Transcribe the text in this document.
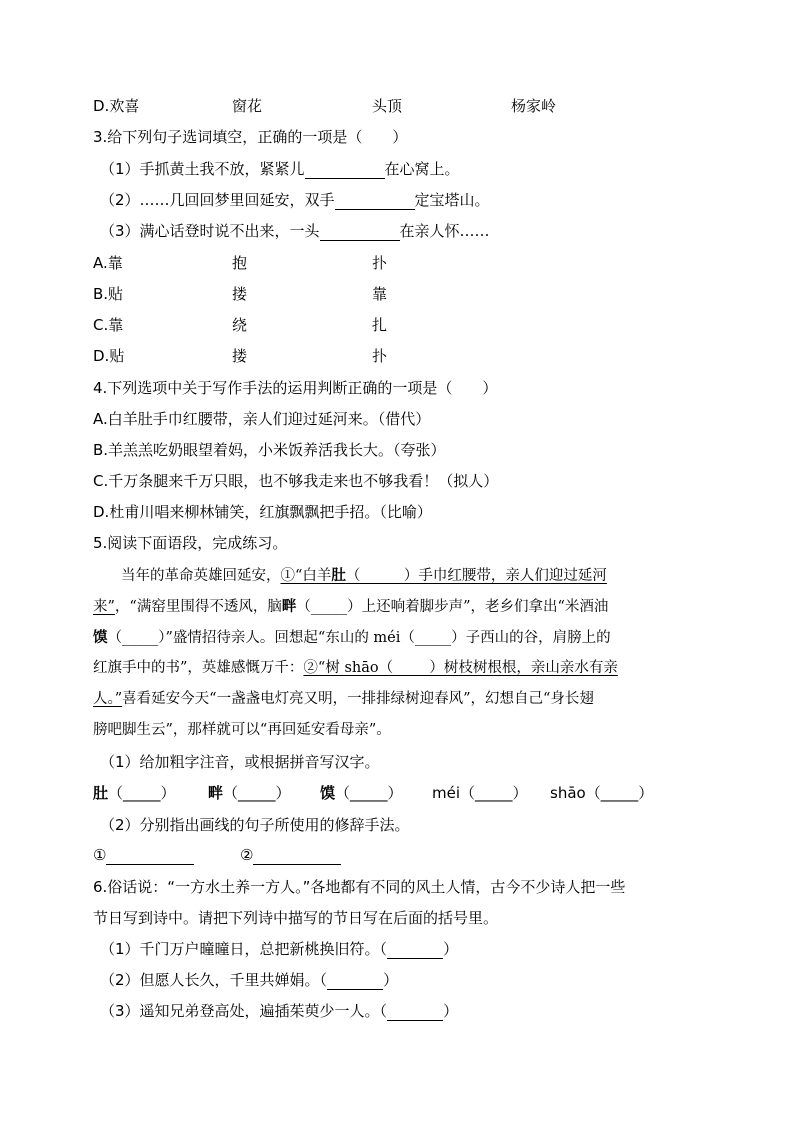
D.欢喜	窗花	头顶	杨家岭
3.给下列句子选词填空，正确的一项是（　　）
（1）手抓黄土我不放，紧紧儿	在心窝上。
（2）……几回回梦里回延安，双手	定宝塔山。
（3）满心话登时说不出来，一头	在亲人怀……
A.靠	抱	扑
B.贴	搂	靠
C.靠	绕	扎
D.贴	搂	扑
4.下列选项中关于写作手法的运用判断正确的一项是（　　）
A.白羊肚手巾红腰带，亲人们迎过延河来。（借代）
B.羊羔羔吃奶眼望着妈，小米饭养活我长大。（夸张）
C.千万条腿来千万只眼，也不够我走来也不够我看！（拟人）
D.杜甫川唱来柳林铺笑，红旗飘飘把手招。（比喻）
5.阅读下面语段，完成练习。
当年的革命英雄回延安，①“白羊肚（______）手巾红腰带，亲人们迎过延河
来”，“满窑里围得不透风，脑畔（_____）上还响着脚步声”，老乡们拿出“米酒油
馍（_____）”盛情招待亲人。回想起“东山的 méi（_____）子西山的谷，肩膀上的
红旗手中的书”，英雄感慨万千：②“树 shāo（_____）树枝树根根，亲山亲水有亲
人。”喜看延安今天“一盏盏电灯亮又明，一排排绿树迎春风”，幻想自己“身长翅
膀吧脚生云”，那样就可以“再回延安看母亲”。
（1）给加粗字注音，或根据拼音写汉字。
肚（_____） 畔（_____） 馍（_____） méi（_____） shāo（_____）
（2）分别指出画线的句子所使用的修辞手法。
①	②
6.俗话说：“一方水土养一方人。”各地都有不同的风土人情，古今不少诗人把一些
节日写到诗中。请把下列诗中描写的节日写在后面的括号里。
（1）千门万户曈曈日，总把新桃换旧符。（	）
（2）但愿人长久，千里共婵娟。（	）
（3）遥知兄弟登高处，遍插茱萸少一人。（	）
